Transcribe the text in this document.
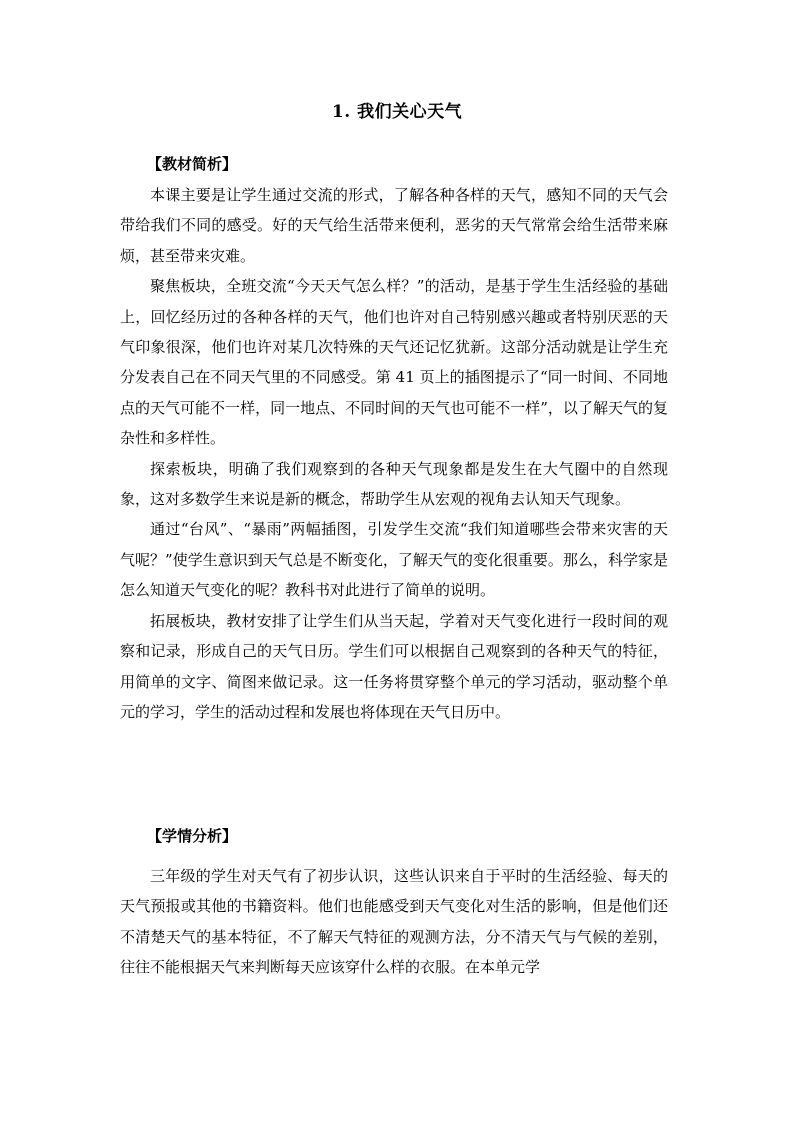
1. 我们关心天气

【教材简析】

本课主要是让学生通过交流的形式，了解各种各样的天气，感知不同的天气会带给我们不同的感受。好的天气给生活带来便利，恶劣的天气常常会给生活带来麻烦，甚至带来灾难。

聚焦板块，全班交流“今天天气怎么样？”的活动，是基于学生生活经验的基础上，回忆经历过的各种各样的天气，他们也许对自己特别感兴趣或者特别厌恶的天气印象很深，他们也许对某几次特殊的天气还记忆犹新。这部分活动就是让学生充分发表自己在不同天气里的不同感受。第 41 页上的插图提示了“同一时间、不同地点的天气可能不一样，同一地点、不同时间的天气也可能不一样”，以了解天气的复杂性和多样性。

探索板块，明确了我们观察到的各种天气现象都是发生在大气圈中的自然现象，这对多数学生来说是新的概念，帮助学生从宏观的视角去认知天气现象。

通过“台风”、“暴雨”两幅插图，引发学生交流“我们知道哪些会带来灾害的天气呢？”使学生意识到天气总是不断变化，了解天气的变化很重要。那么，科学家是怎么知道天气变化的呢？教科书对此进行了简单的说明。

拓展板块，教材安排了让学生们从当天起，学着对天气变化进行一段时间的观察和记录，形成自己的天气日历。学生们可以根据自己观察到的各种天气的特征，用简单的文字、简图来做记录。这一任务将贯穿整个单元的学习活动，驱动整个单元的学习，学生的活动过程和发展也将体现在天气日历中。

【学情分析】

三年级的学生对天气有了初步认识，这些认识来自于平时的生活经验、每天的天气预报或其他的书籍资料。他们也能感受到天气变化对生活的影响，但是他们还不清楚天气的基本特征，不了解天气特征的观测方法，分不清天气与气候的差别，往往不能根据天气来判断每天应该穿什么样的衣服。在本单元学
